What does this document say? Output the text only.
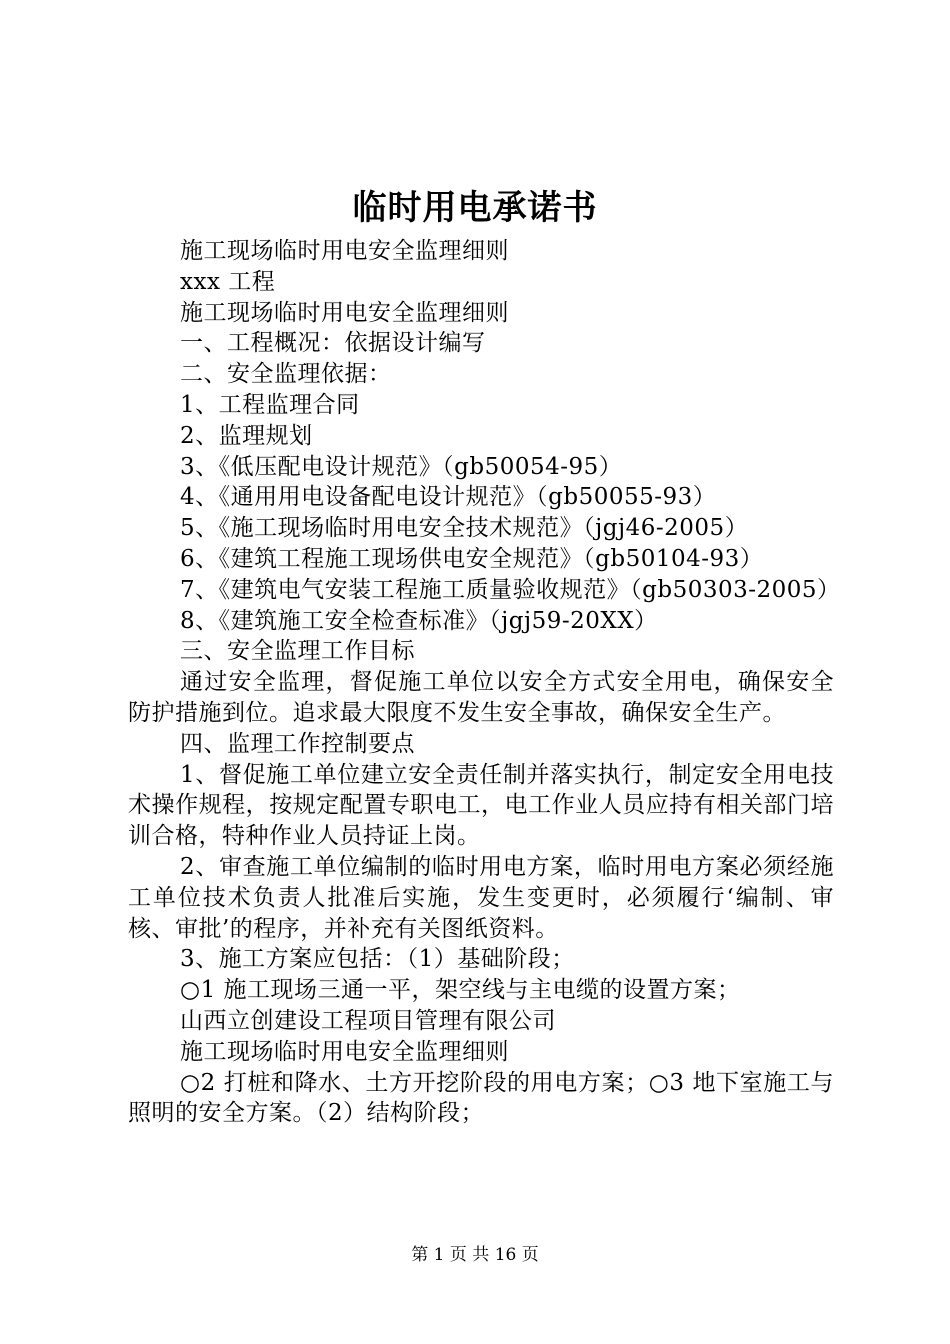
临时用电承诺书
施工现场临时用电安全监理细则
xxx 工程
施工现场临时用电安全监理细则
一、工程概况：依据设计编写
二、安全监理依据：
1、工程监理合同
2、监理规划
3、《低压配电设计规范》（gb50054-95）
4、《通用用电设备配电设计规范》（gb50055-93）
5、《施工现场临时用电安全技术规范》（jgj46-2005）
6、《建筑工程施工现场供电安全规范》（gb50104-93）
7、《建筑电气安装工程施工质量验收规范》（gb50303-2005）
8、《建筑施工安全检查标准》（jgj59-20XX）
三、安全监理工作目标
通过安全监理，督促施工单位以安全方式安全用电，确保安全防护措施到位。追求最大限度不发生安全事故，确保安全生产。
四、监理工作控制要点
1、督促施工单位建立安全责任制并落实执行，制定安全用电技术操作规程，按规定配置专职电工，电工作业人员应持有相关部门培训合格，特种作业人员持证上岗。
2、审查施工单位编制的临时用电方案，临时用电方案必须经施工单位技术负责人批准后实施，发生变更时，必须履行‘编制、审核、审批’的程序，并补充有关图纸资料。
3、施工方案应包括：（1）基础阶段；
○1 施工现场三通一平，架空线与主电缆的设置方案；
山西立创建设工程项目管理有限公司
施工现场临时用电安全监理细则
○2 打桩和降水、土方开挖阶段的用电方案；○3 地下室施工与照明的安全方案。（2）结构阶段；
第 1 页 共 16 页
